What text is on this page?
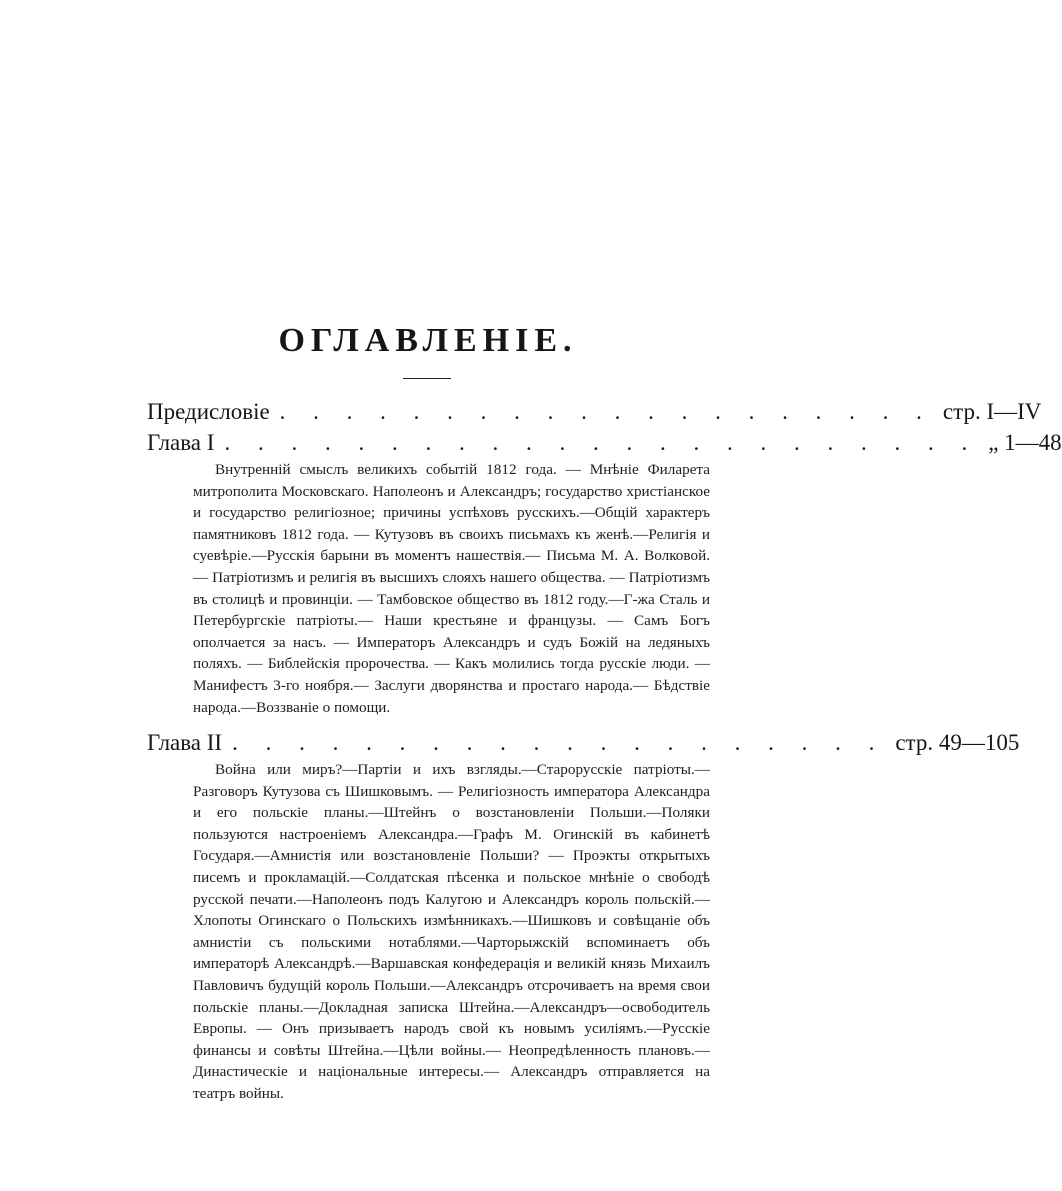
ОГЛАВЛЕНІЕ.
Предисловіе . . . . . . . . . . . . . . . . . . . . стр. I—IV
Глава I . . . . . . . . . . . . . . . . . . . . . . . „ 1—48
Внутренній смыслъ великихъ событій 1812 года. — Мнѣніе Филарета митрополита Московскаго. Наполеонъ и Александръ; государство христіанское и государство религіозное; причины успѣховъ русскихъ.—Общій характеръ памятниковъ 1812 года. — Кутузовъ въ своихъ письмахъ къ женѣ.—Религія и суевѣріе.—Русскія барыни въ моментъ нашествія.— Письма М. А. Волковой. — Патріотизмъ и религія въ высшихъ слояхъ нашего общества. — Патріотизмъ въ столицѣ и провинціи. — Тамбовское общество въ 1812 году.—Г-жа Сталь и Петербургскіе патріоты.— Наши крестьяне и французы. — Самъ Богъ ополчается за насъ. — Императоръ Александръ и судъ Божій на ледяныхъ поляхъ. — Библейскія пророчества. — Какъ молились тогда русскіе люди. — Манифестъ 3-го ноября.— Заслуги дворянства и простаго народа.— Бѣдствіе народа.—Воззваніе о помощи.
Глава II . . . . . . . . . . . . . . . . . . . . стр. 49—105
Война или миръ?—Партіи и ихъ взгляды.—Старорусскіе патріоты.— Разговоръ Кутузова съ Шишковымъ. — Религіозность императора Александра и его польскіе планы.—Штейнъ о возстановленіи Польши.—Поляки пользуются настроеніемъ Александра.—Графъ М. Огинскій въ кабинетѣ Государя.—Амнистія или возстановленіе Польши? — Проэкты открытыхъ писемъ и прокламацій.—Солдатская пѣсенка и польское мнѣніе о свободѣ русской печати.—Наполеонъ подъ Калугою и Александръ король польскій.—Хлопоты Огинскаго о Польскихъ измѣнникахъ.—Шишковъ и совѣщаніе объ амнистіи съ польскими нотаблями.—Чарторыжскій вспоминаетъ объ императорѣ Александрѣ.—Варшавская конфедерація и великій князь Михаилъ Павловичъ будущій король Польши.—Александръ отсрочиваетъ на время свои польскіе планы.—Докладная записка Штейна.—Александръ—освободитель Европы. — Онъ призываетъ народъ свой къ новымъ усиліямъ.—Русскіе финансы и совѣты Штейна.—Цѣли войны.— Неопредѣленность плановъ.—Династическіе и національные интересы.— Александръ отправляется на театръ войны.
